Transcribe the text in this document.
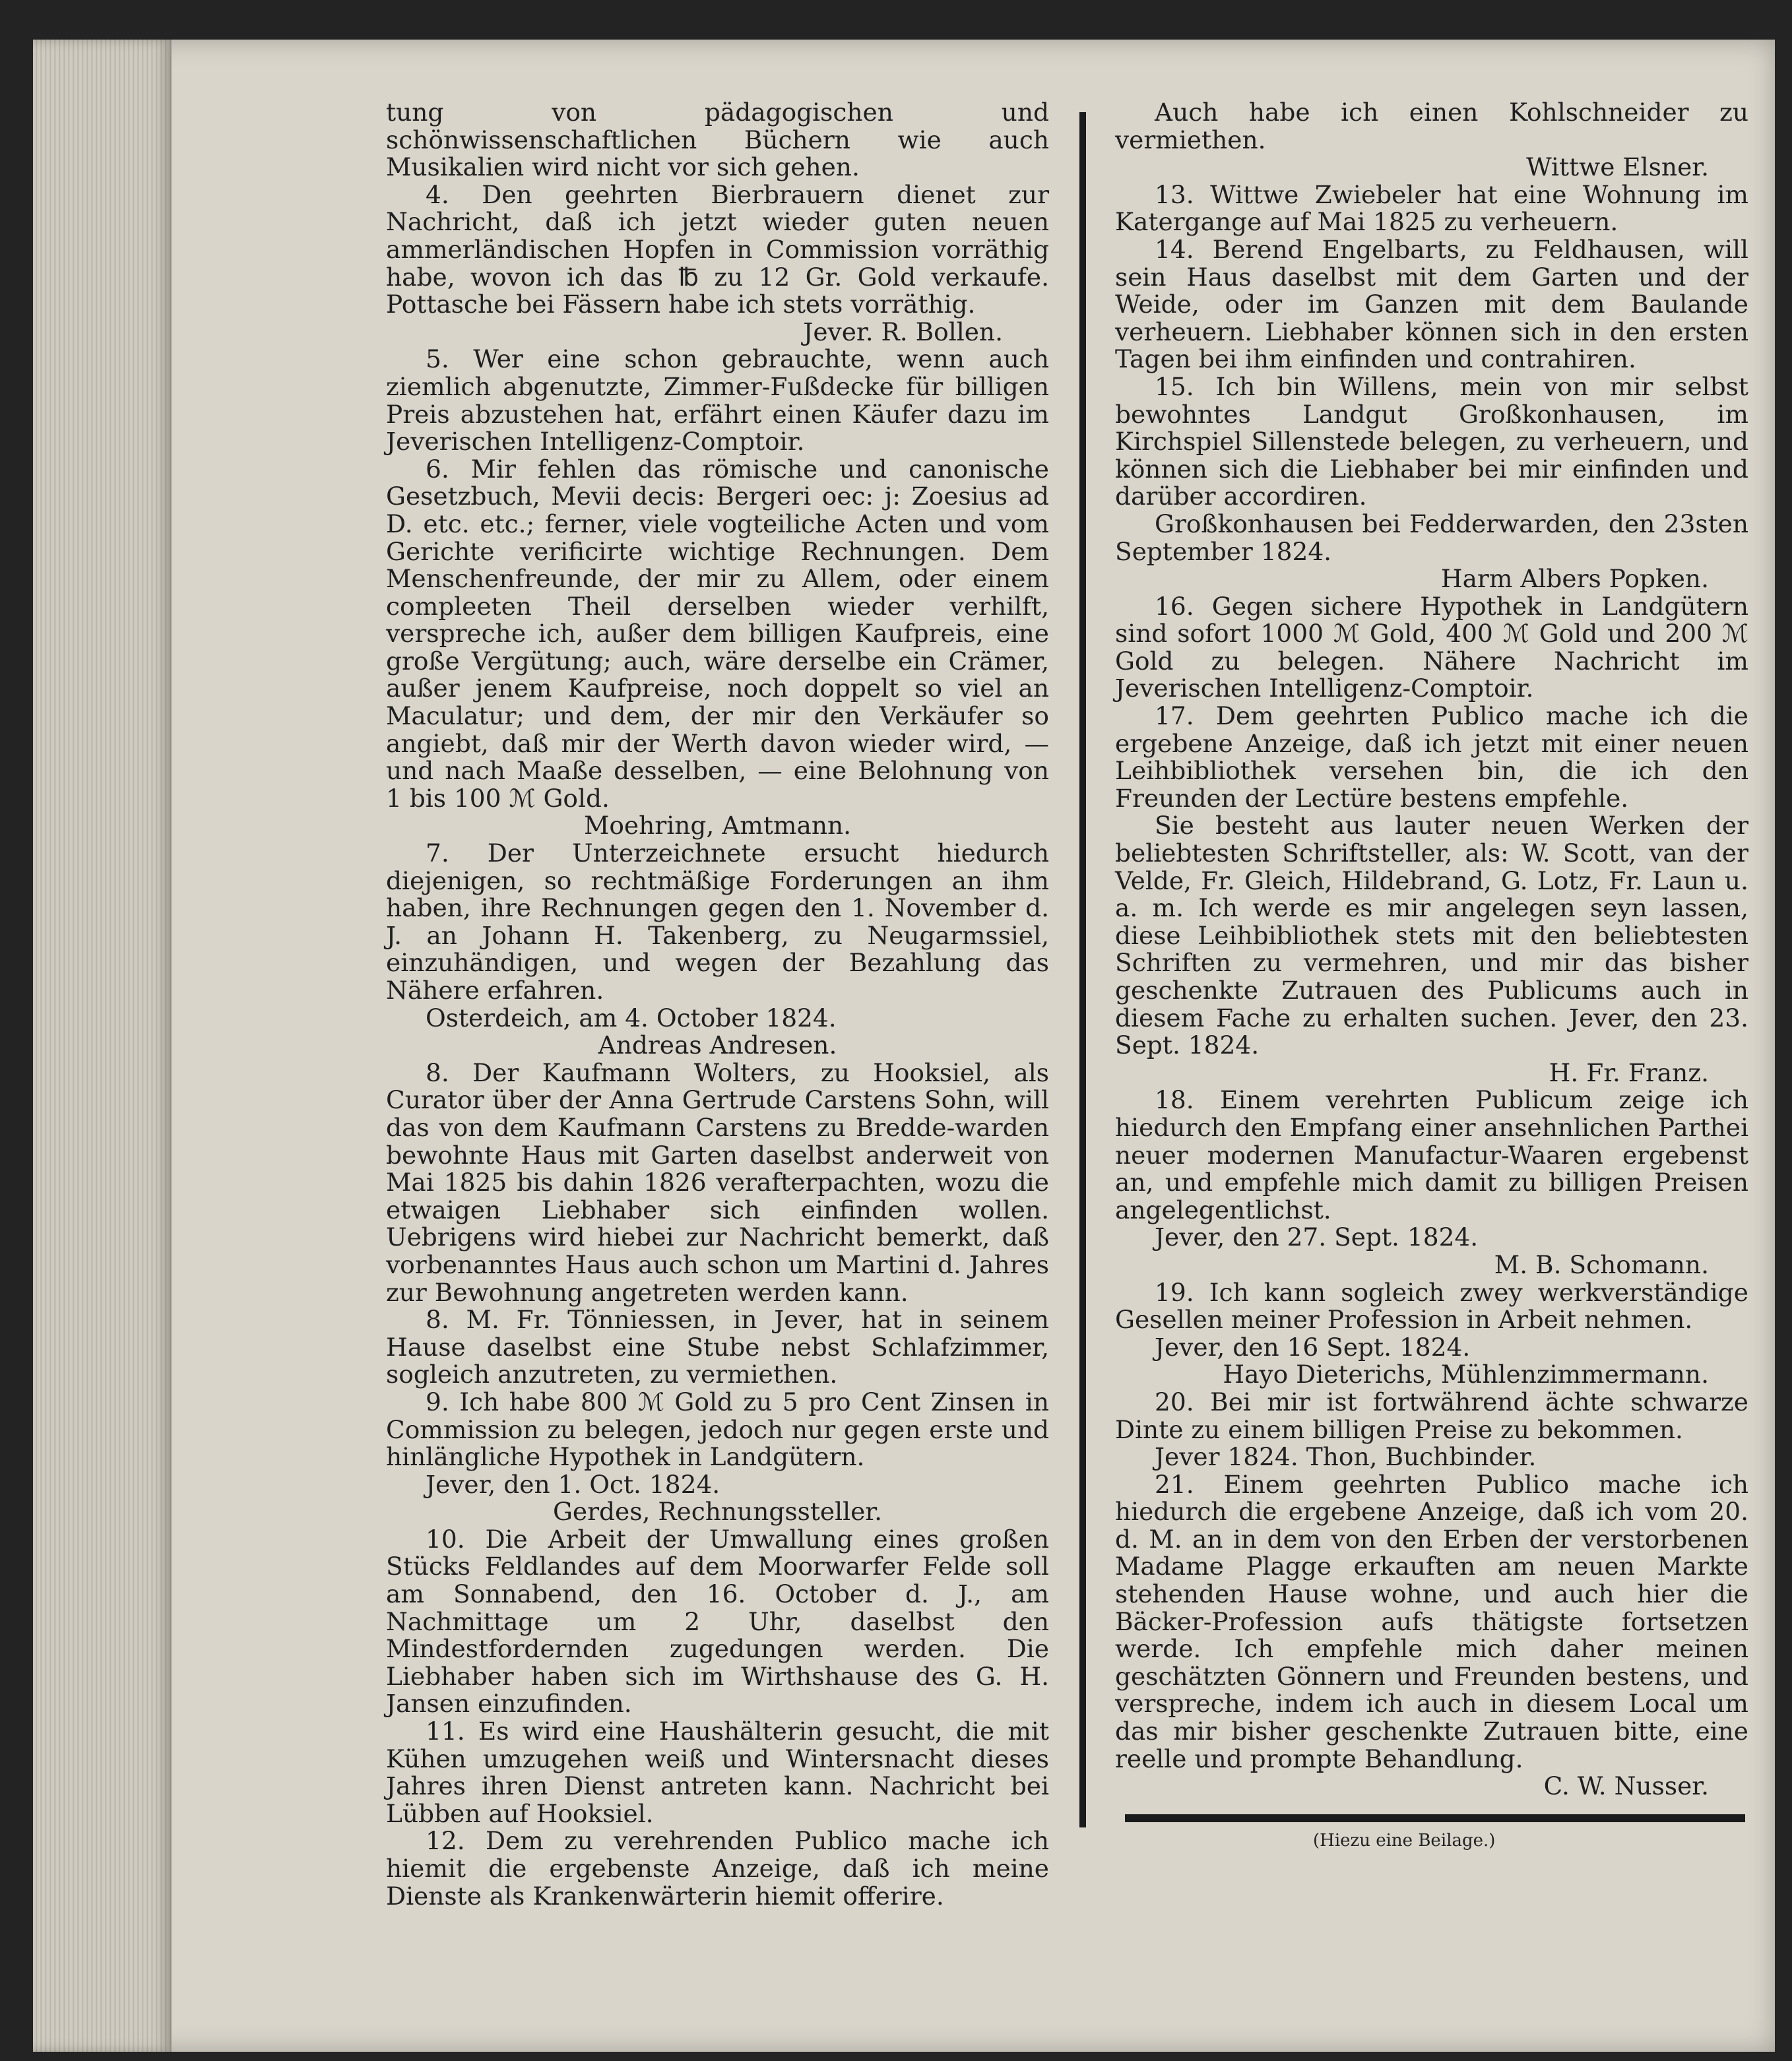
tung von pädagogischen und schönwissenschaftlichen Büchern wie auch Musikalien wird nicht vor sich gehen.

4. Den geehrten Bierbrauern dienet zur Nachricht, daß ich jetzt wieder guten neuen ammerländischen Hopfen in Commission vorräthig habe, wovon ich das ℔ zu 12 Gr. Gold verkaufe. Pottasche bei Fässern habe ich stets vorräthig.

Jever. R. Bollen.

5. Wer eine schon gebrauchte, wenn auch ziemlich abgenutzte, Zimmer-Fußdecke für billigen Preis abzustehen hat, erfährt einen Käufer dazu im Jeverischen Intelligenz-Comptoir.

6. Mir fehlen das römische und canonische Gesetzbuch, Mevii decis: Bergeri oec: j: Zoesius ad D. etc. etc.; ferner, viele vogteiliche Acten und vom Gerichte verificirte wichtige Rechnungen. Dem Menschenfreunde, der mir zu Allem, oder einem compleeten Theil derselben wieder verhilft, verspreche ich, außer dem billigen Kaufpreis, eine große Vergütung; auch, wäre derselbe ein Crämer, außer jenem Kaufpreise, noch doppelt so viel an Maculatur; und dem, der mir den Verkäufer so angiebt, daß mir der Werth davon wieder wird, — und nach Maaße desselben, — eine Belohnung von 1 bis 100 ℳ Gold.

Moehring, Amtmann.

7. Der Unterzeichnete ersucht hiedurch diejenigen, so rechtmäßige Forderungen an ihm haben, ihre Rechnungen gegen den 1. November d. J. an Johann H. Takenberg, zu Neugarmssiel, einzuhändigen, und wegen der Bezahlung das Nähere erfahren.

Osterdeich, am 4. October 1824.

Andreas Andresen.

8. Der Kaufmann Wolters, zu Hooksiel, als Curator über der Anna Gertrude Carstens Sohn, will das von dem Kaufmann Carstens zu Bredde-warden bewohnte Haus mit Garten daselbst anderweit von Mai 1825 bis dahin 1826 verafterpachten, wozu die etwaigen Liebhaber sich einfinden wollen. Uebrigens wird hiebei zur Nachricht bemerkt, daß vorbenanntes Haus auch schon um Martini d. Jahres zur Bewohnung angetreten werden kann.

8. M. Fr. Tönniessen, in Jever, hat in seinem Hause daselbst eine Stube nebst Schlafzimmer, sogleich anzutreten, zu vermiethen.

9. Ich habe 800 ℳ Gold zu 5 pro Cent Zinsen in Commission zu belegen, jedoch nur gegen erste und hinlängliche Hypothek in Landgütern.

Jever, den 1. Oct. 1824.

Gerdes, Rechnungssteller.

10. Die Arbeit der Umwallung eines großen Stücks Feldlandes auf dem Moorwarfer Felde soll am Sonnabend, den 16. October d. J., am Nachmittage um 2 Uhr, daselbst den Mindestfordernden zugedungen werden. Die Liebhaber haben sich im Wirthshause des G. H. Jansen einzufinden.

11. Es wird eine Haushälterin gesucht, die mit Kühen umzugehen weiß und Wintersnacht dieses Jahres ihren Dienst antreten kann. Nachricht bei Lübben auf Hooksiel.

12. Dem zu verehrenden Publico mache ich hiemit die ergebenste Anzeige, daß ich meine Dienste als Krankenwärterin hiemit offerire.

Auch habe ich einen Kohlschneider zu vermiethen.

Wittwe Elsner.

13. Wittwe Zwiebeler hat eine Wohnung im Katergange auf Mai 1825 zu verheuern.

14. Berend Engelbarts, zu Feldhausen, will sein Haus daselbst mit dem Garten und der Weide, oder im Ganzen mit dem Baulande verheuern. Liebhaber können sich in den ersten Tagen bei ihm einfinden und contrahiren.

15. Ich bin Willens, mein von mir selbst bewohntes Landgut Großkonhausen, im Kirchspiel Sillenstede belegen, zu verheuern, und können sich die Liebhaber bei mir einfinden und darüber accordiren.

Großkonhausen bei Fedderwarden, den 23sten September 1824.

Harm Albers Popken.

16. Gegen sichere Hypothek in Landgütern sind sofort 1000 ℳ Gold, 400 ℳ Gold und 200 ℳ Gold zu belegen. Nähere Nachricht im Jeverischen Intelligenz-Comptoir.

17. Dem geehrten Publico mache ich die ergebene Anzeige, daß ich jetzt mit einer neuen Leihbibliothek versehen bin, die ich den Freunden der Lectüre bestens empfehle.

Sie besteht aus lauter neuen Werken der beliebtesten Schriftsteller, als: W. Scott, van der Velde, Fr. Gleich, Hildebrand, G. Lotz, Fr. Laun u. a. m. Ich werde es mir angelegen seyn lassen, diese Leihbibliothek stets mit den beliebtesten Schriften zu vermehren, und mir das bisher geschenkte Zutrauen des Publicums auch in diesem Fache zu erhalten suchen. Jever, den 23. Sept. 1824.

H. Fr. Franz.

18. Einem verehrten Publicum zeige ich hiedurch den Empfang einer ansehnlichen Parthei neuer modernen Manufactur-Waaren ergebenst an, und empfehle mich damit zu billigen Preisen angelegentlichst.

Jever, den 27. Sept. 1824.

M. B. Schomann.

19. Ich kann sogleich zwey werkverständige Gesellen meiner Profession in Arbeit nehmen.

Jever, den 16 Sept. 1824.

Hayo Dieterichs, Mühlenzimmermann.

20. Bei mir ist fortwährend ächte schwarze Dinte zu einem billigen Preise zu bekommen.

Jever 1824. Thon, Buchbinder.

21. Einem geehrten Publico mache ich hiedurch die ergebene Anzeige, daß ich vom 20. d. M. an in dem von den Erben der verstorbenen Madame Plagge erkauften am neuen Markte stehenden Hause wohne, und auch hier die Bäcker-Profession aufs thätigste fortsetzen werde. Ich empfehle mich daher meinen geschätzten Gönnern und Freunden bestens, und verspreche, indem ich auch in diesem Local um das mir bisher geschenkte Zutrauen bitte, eine reelle und prompte Behandlung.

C. W. Nusser.

(Hiezu eine Beilage.)
